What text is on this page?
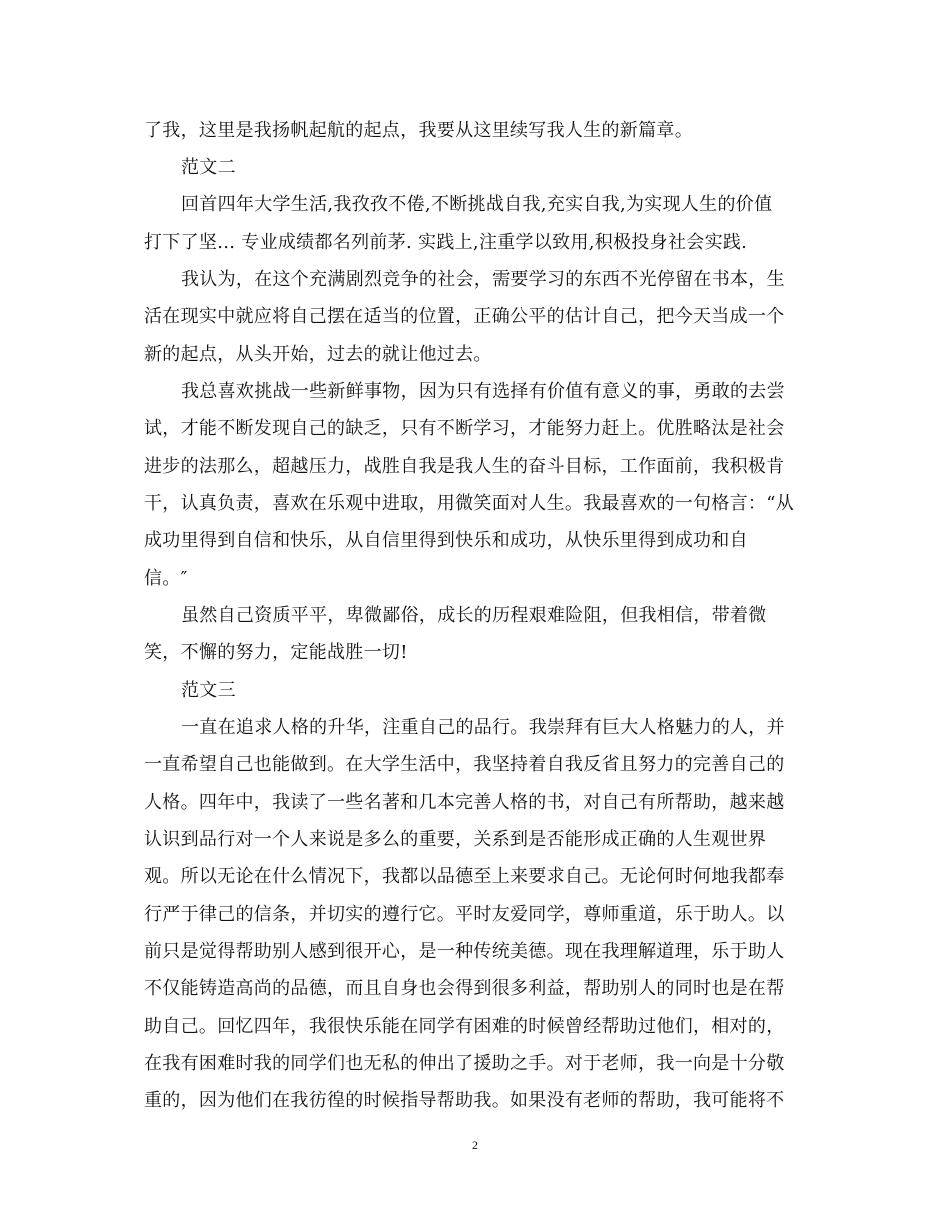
了我，这里是我扬帆起航的起点，我要从这里续写我人生的新篇章。
范文二
回首四年大学生活,我孜孜不倦,不断挑战自我,充实自我,为实现人生的价值
打下了坚... 专业成绩都名列前茅. 实践上,注重学以致用,积极投身社会实践.
我认为，在这个充满剧烈竞争的社会，需要学习的东西不光停留在书本，生
活在现实中就应将自己摆在适当的位置，正确公平的估计自己，把今天当成一个
新的起点，从头开始，过去的就让他过去。
我总喜欢挑战一些新鲜事物，因为只有选择有价值有意义的事，勇敢的去尝
试，才能不断发现自己的缺乏，只有不断学习，才能努力赶上。优胜略汰是社会
进步的法那么，超越压力，战胜自我是我人生的奋斗目标，工作面前，我积极肯
干，认真负责，喜欢在乐观中进取，用微笑面对人生。我最喜欢的一句格言：“从
成功里得到自信和快乐，从自信里得到快乐和成功，从快乐里得到成功和自
信。″
虽然自己资质平平，卑微鄙俗，成长的历程艰难险阻，但我相信，带着微
笑，不懈的努力，定能战胜一切!
范文三
一直在追求人格的升华，注重自己的品行。我崇拜有巨大人格魅力的人，并
一直希望自己也能做到。在大学生活中，我坚持着自我反省且努力的完善自己的
人格。四年中，我读了一些名著和几本完善人格的书，对自己有所帮助，越来越
认识到品行对一个人来说是多么的重要，关系到是否能形成正确的人生观世界
观。所以无论在什么情况下，我都以品德至上来要求自己。无论何时何地我都奉
行严于律己的信条，并切实的遵行它。平时友爱同学，尊师重道，乐于助人。以
前只是觉得帮助别人感到很开心，是一种传统美德。现在我理解道理，乐于助人
不仅能铸造高尚的品德，而且自身也会得到很多利益，帮助别人的同时也是在帮
助自己。回忆四年，我很快乐能在同学有困难的时候曾经帮助过他们，相对的，
在我有困难时我的同学们也无私的伸出了援助之手。对于老师，我一向是十分敬
重的，因为他们在我彷徨的时候指导帮助我。如果没有老师的帮助，我可能将不
2
